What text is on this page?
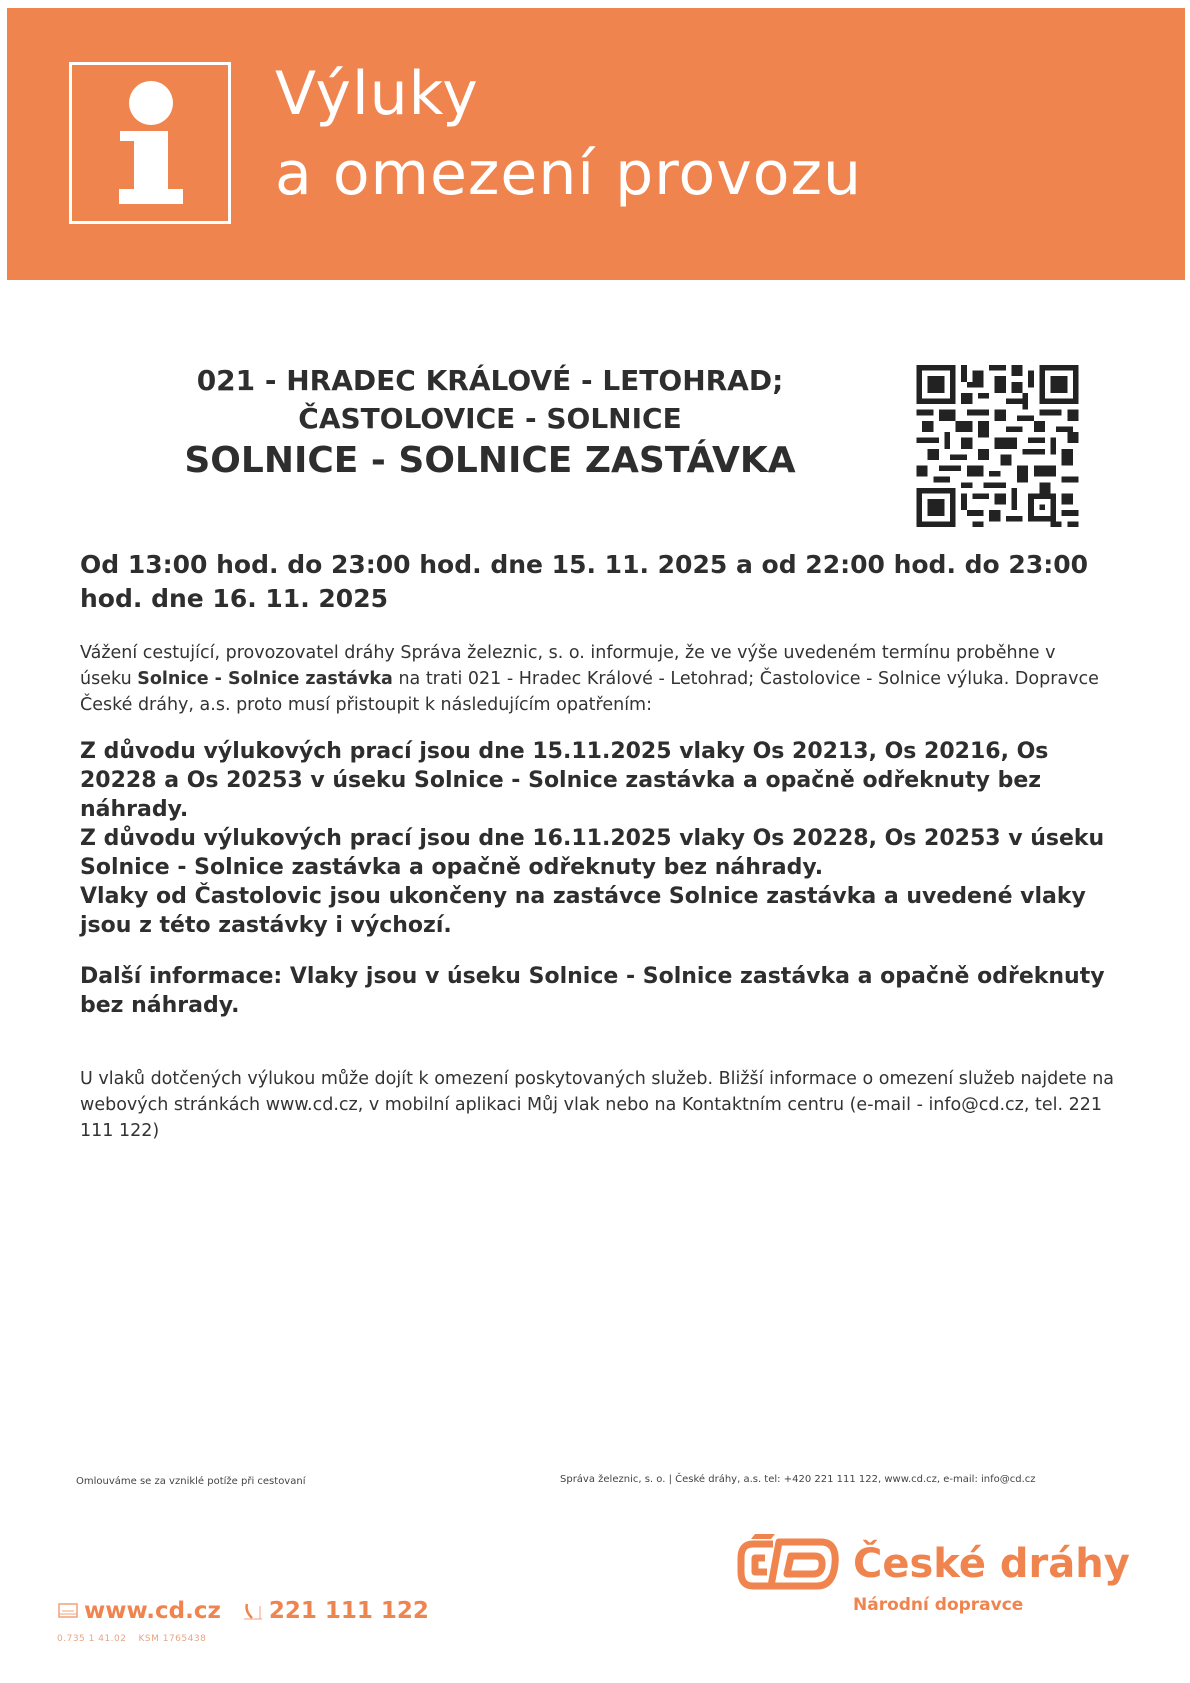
Výluky
a omezení provozu
021 - HRADEC KRÁLOVÉ - LETOHRAD;
ČASTOLOVICE - SOLNICE
SOLNICE - SOLNICE ZASTÁVKA
Od 13:00 hod. do 23:00 hod. dne 15. 11. 2025 a od 22:00 hod. do 23:00 hod. dne 16. 11. 2025
Vážení cestující, provozovatel dráhy Správa železnic, s. o. informuje, že ve výše uvedeném termínu proběhne v úseku Solnice - Solnice zastávka na trati 021 - Hradec Králové - Letohrad; Častolovice - Solnice výluka. Dopravce České dráhy, a.s. proto musí přistoupit k následujícím opatřením:

Z důvodu výlukových prací jsou dne 15.11.2025 vlaky Os 20213, Os 20216, Os 20228 a Os 20253 v úseku Solnice - Solnice zastávka a opačně odřeknuty bez náhrady.

Z důvodu výlukových prací jsou dne 16.11.2025 vlaky Os 20228, Os 20253 v úseku Solnice - Solnice zastávka a opačně odřeknuty bez náhrady.

Vlaky od Častolovic jsou ukončeny na zastávce Solnice zastávka a uvedené vlaky jsou z této zastávky i výchozí.

Další informace: Vlaky jsou v úseku Solnice - Solnice zastávka a opačně odřeknuty bez náhrady.
U vlaků dotčených výlukou může dojít k omezení poskytovaných služeb. Bližší informace o omezení služeb najdete na webových stránkách www.cd.cz, v mobilní aplikaci Můj vlak nebo na Kontaktním centru (e-mail - info@cd.cz, tel. 221 111 122)
Omlouváme se za vzniklé potíže při cestovaní	Správa železnic, s. o. | České dráhy, a.s. tel: +420 221 111 122, www.cd.cz, e-mail: info@cd.cz
České dráhy
Národní dopravce
www.cd.cz 221 111 122
0.735 1 41.02 KSM 1765438
